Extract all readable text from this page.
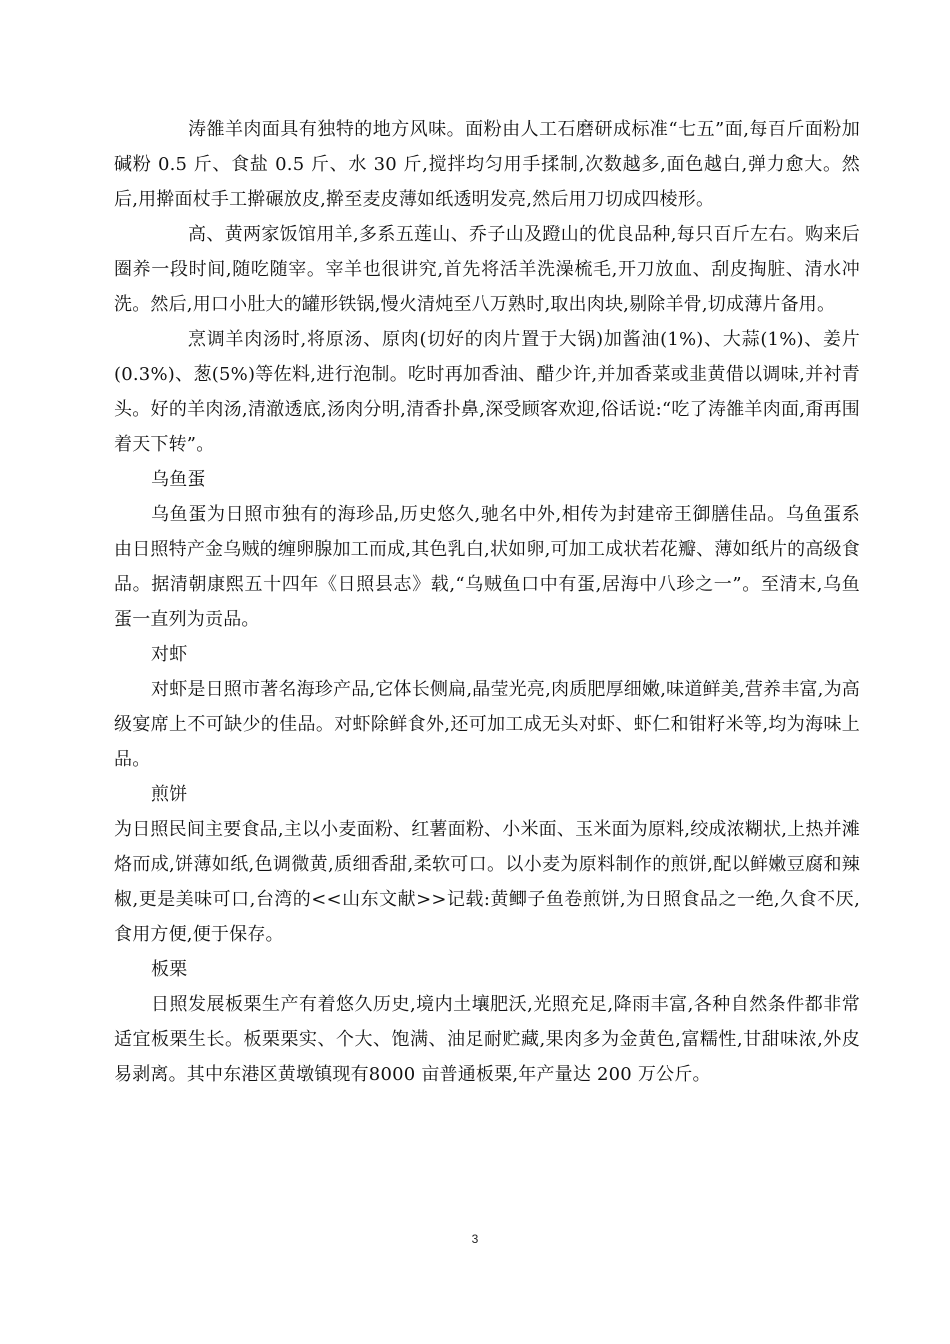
涛雒羊肉面具有独特的地方风味。面粉由人工石磨研成标准“七五”面,每百斤面粉加碱粉 0.5 斤、食盐 0.5 斤、水 30 斤,搅拌均匀用手揉制,次数越多,面色越白,弹力愈大。然后,用擀面杖手工擀碾放皮,擀至麦皮薄如纸透明发亮,然后用刀切成四棱形。

高、黄两家饭馆用羊,多系五莲山、乔子山及蹬山的优良品种,每只百斤左右。购来后圈养一段时间,随吃随宰。宰羊也很讲究,首先将活羊洗澡梳毛,开刀放血、刮皮掏脏、清水冲洗。然后,用口小肚大的罐形铁锅,慢火清炖至八万熟时,取出肉块,剔除羊骨,切成薄片备用。

烹调羊肉汤时,将原汤、原肉(切好的肉片置于大锅)加酱油(1%)、大蒜(1%)、姜片(0.3%)、葱(5%)等佐料,进行泡制。吃时再加香油、醋少许,并加香菜或韭黄借以调味,并衬青头。好的羊肉汤,清澈透底,汤肉分明,清香扑鼻,深受顾客欢迎,俗话说:“吃了涛雒羊肉面,甭再围着天下转”。

乌鱼蛋

乌鱼蛋为日照市独有的海珍品,历史悠久,驰名中外,相传为封建帝王御膳佳品。乌鱼蛋系由日照特产金乌贼的缠卵腺加工而成,其色乳白,状如卵,可加工成状若花瓣、薄如纸片的高级食品。据清朝康熙五十四年《日照县志》载,“乌贼鱼口中有蛋,居海中八珍之一”。至清末,乌鱼蛋一直列为贡品。

对虾

对虾是日照市著名海珍产品,它体长侧扁,晶莹光亮,肉质肥厚细嫩,味道鲜美,营养丰富,为高级宴席上不可缺少的佳品。对虾除鲜食外,还可加工成无头对虾、虾仁和钳籽米等,均为海味上品。

煎饼

为日照民间主要食品,主以小麦面粉、红薯面粉、小米面、玉米面为原料,绞成浓糊状,上热并滩烙而成,饼薄如纸,色调微黄,质细香甜,柔软可口。以小麦为原料制作的煎饼,配以鲜嫩豆腐和辣椒,更是美味可口,台湾的<<山东文献>>记载:黄鲫子鱼卷煎饼,为日照食品之一绝,久食不厌,食用方便,便于保存。

板栗

日照发展板栗生产有着悠久历史,境内土壤肥沃,光照充足,降雨丰富,各种自然条件都非常适宜板栗生长。板栗栗实、个大、饱满、油足耐贮藏,果肉多为金黄色,富糯性,甘甜味浓,外皮易剥离。其中东港区黄墩镇现有8000 亩普通板栗,年产量达 200 万公斤。

3
